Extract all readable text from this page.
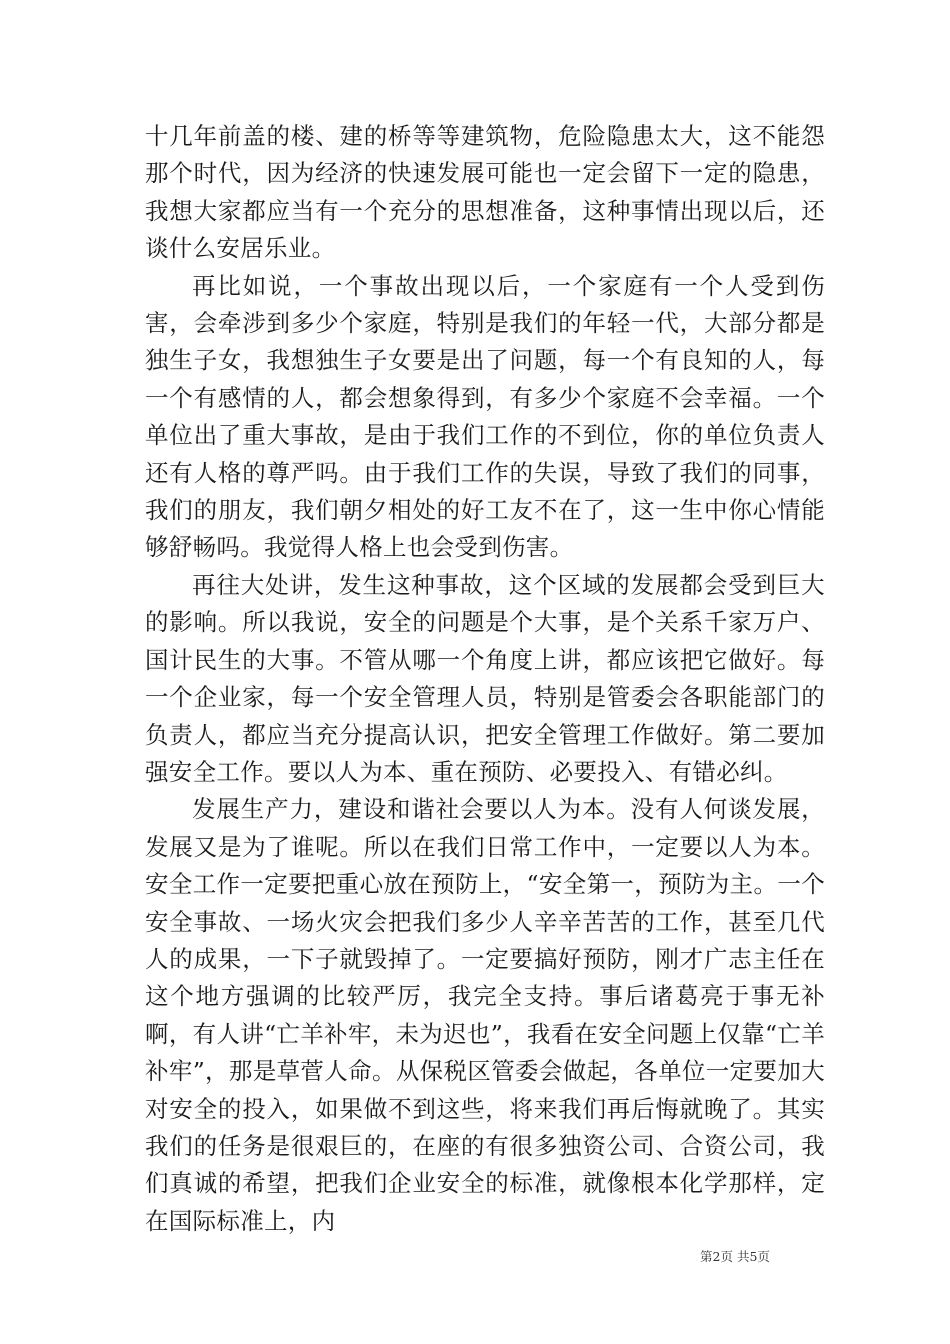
十几年前盖的楼、建的桥等等建筑物，危险隐患太大，这不能怨那个时代，因为经济的快速发展可能也一定会留下一定的隐患，我想大家都应当有一个充分的思想准备，这种事情出现以后，还谈什么安居乐业。

再比如说，一个事故出现以后，一个家庭有一个人受到伤害，会牵涉到多少个家庭，特别是我们的年轻一代，大部分都是独生子女，我想独生子女要是出了问题，每一个有良知的人，每一个有感情的人，都会想象得到，有多少个家庭不会幸福。一个单位出了重大事故，是由于我们工作的不到位，你的单位负责人还有人格的尊严吗。由于我们工作的失误，导致了我们的同事，我们的朋友，我们朝夕相处的好工友不在了，这一生中你心情能够舒畅吗。我觉得人格上也会受到伤害。

再往大处讲，发生这种事故，这个区域的发展都会受到巨大的影响。所以我说，安全的问题是个大事，是个关系千家万户、国计民生的大事。不管从哪一个角度上讲，都应该把它做好。每一个企业家，每一个安全管理人员，特别是管委会各职能部门的负责人，都应当充分提高认识，把安全管理工作做好。第二要加强安全工作。要以人为本、重在预防、必要投入、有错必纠。

发展生产力，建设和谐社会要以人为本。没有人何谈发展，发展又是为了谁呢。所以在我们日常工作中，一定要以人为本。安全工作一定要把重心放在预防上，“安全第一，预防为主。一个安全事故、一场火灾会把我们多少人辛辛苦苦的工作，甚至几代人的成果，一下子就毁掉了。一定要搞好预防，刚才广志主任在这个地方强调的比较严厉，我完全支持。事后诸葛亮于事无补啊，有人讲“亡羊补牢，未为迟也”，我看在安全问题上仅靠“亡羊补牢”，那是草菅人命。从保税区管委会做起，各单位一定要加大对安全的投入，如果做不到这些，将来我们再后悔就晚了。其实我们的任务是很艰巨的，在座的有很多独资公司、合资公司，我们真诚的希望，把我们企业安全的标准，就像根本化学那样，定在国际标准上，内

第2页 共5页
